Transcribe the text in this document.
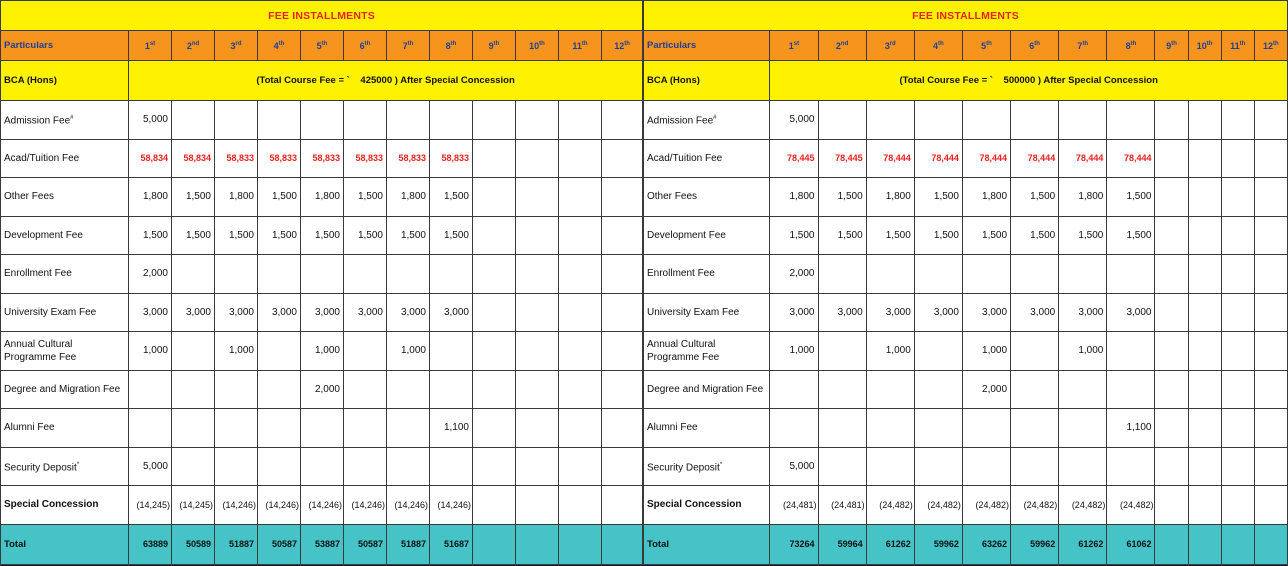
FEE INSTALLMENTS												
Particulars	1st	2nd	3rd	4th	5th	6th	7th	8th	9th	10th	11th	12th
BCA (Hons)	(Total Course Fee = ` 425000 ) After Special Concession											
Admission Fee#	5,000											
Acad/Tuition Fee	58,834	58,834	58,833	58,833	58,833	58,833	58,833	58,833				
Other Fees	1,800	1,500	1,800	1,500	1,800	1,500	1,800	1,500				
Development Fee	1,500	1,500	1,500	1,500	1,500	1,500	1,500	1,500				
Enrollment Fee	2,000											
University Exam Fee	3,000	3,000	3,000	3,000	3,000	3,000	3,000	3,000				
Annual Cultural Programme Fee	1,000		1,000		1,000		1,000					
Degree and Migration Fee					2,000							
Alumni Fee								1,100				
Security Deposit*	5,000											
Special Concession	(14,245)	(14,245)	(14,246)	(14,246)	(14,246)	(14,246)	(14,246)	(14,246)				
Total	63889	50589	51887	50587	53887	50587	51887	51687				
FEE INSTALLMENTS												
Particulars	1st	2nd	3rd	4th	5th	6th	7th	8th	9th	10th	11th	12th
BCA (Hons)	(Total Course Fee = ` 500000 ) After Special Concession											
Admission Fee#	5,000											
Acad/Tuition Fee	78,445	78,445	78,444	78,444	78,444	78,444	78,444	78,444				
Other Fees	1,800	1,500	1,800	1,500	1,800	1,500	1,800	1,500				
Development Fee	1,500	1,500	1,500	1,500	1,500	1,500	1,500	1,500				
Enrollment Fee	2,000											
University Exam Fee	3,000	3,000	3,000	3,000	3,000	3,000	3,000	3,000				
Annual Cultural Programme Fee	1,000		1,000		1,000		1,000					
Degree and Migration Fee					2,000							
Alumni Fee								1,100				
Security Deposit*	5,000											
Special Concession	(24,481)	(24,481)	(24,482)	(24,482)	(24,482)	(24,482)	(24,482)	(24,482)				
Total	73264	59964	61262	59962	63262	59962	61262	61062				
